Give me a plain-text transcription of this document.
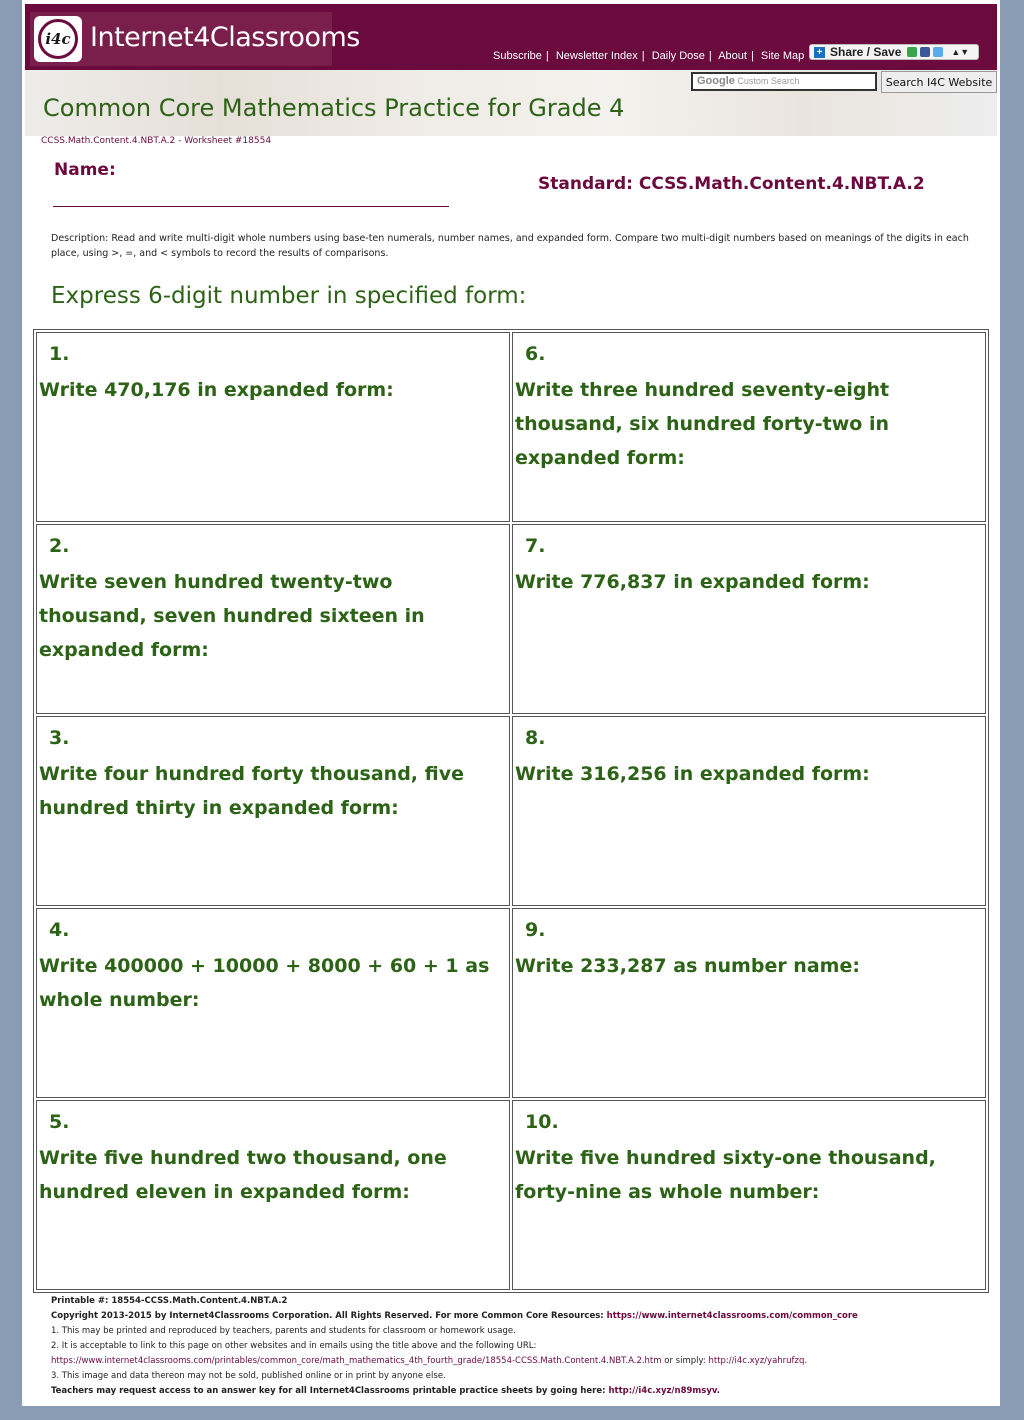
i4c Internet4Classrooms
Subscribe | Newsletter Index | Daily Dose | About | Site Map + Share / Save	▲▼
Google Custom Search	Search I4C Website
Common Core Mathematics Practice for Grade 4
CCSS.Math.Content.4.NBT.A.2 - Worksheet #18554
Name:
Standard: CCSS.Math.Content.4.NBT.A.2
Description: Read and write multi-digit whole numbers using base-ten numerals, number names, and expanded form. Compare two multi-digit numbers based on meanings of the digits in each place, using >, =, and < symbols to record the results of comparisons.
Express 6-digit number in specified form:
1.
Write 470,176 in expanded form:
2.
Write seven hundred twenty-two thousand, seven hundred sixteen in expanded form:
3.
Write four hundred forty thousand, five hundred thirty in expanded form:
4.
Write 400000 + 10000 + 8000 + 60 + 1 as whole number:
5.
Write five hundred two thousand, one hundred eleven in expanded form:
6.
Write three hundred seventy-eight thousand, six hundred forty-two in expanded form:
7.
Write 776,837 in expanded form:
8.
Write 316,256 in expanded form:
9.
Write 233,287 as number name:
10.
Write five hundred sixty-one thousand, forty-nine as whole number:
Printable #: 18554-CCSS.Math.Content.4.NBT.A.2
Copyright 2013-2015 by Internet4Classrooms Corporation. All Rights Reserved. For more Common Core Resources: https://www.internet4classrooms.com/common_core
1. This may be printed and reproduced by teachers, parents and students for classroom or homework usage.
2. It is acceptable to link to this page on other websites and in emails using the title above and the following URL:
https://www.internet4classrooms.com/printables/common_core/math_mathematics_4th_fourth_grade/18554-CCSS.Math.Content.4.NBT.A.2.htm or simply: http://i4c.xyz/yahrufzq.
3. This image and data thereon may not be sold, published online or in print by anyone else.
Teachers may request access to an answer key for all Internet4Classrooms printable practice sheets by going here: http://i4c.xyz/n89msyv.
